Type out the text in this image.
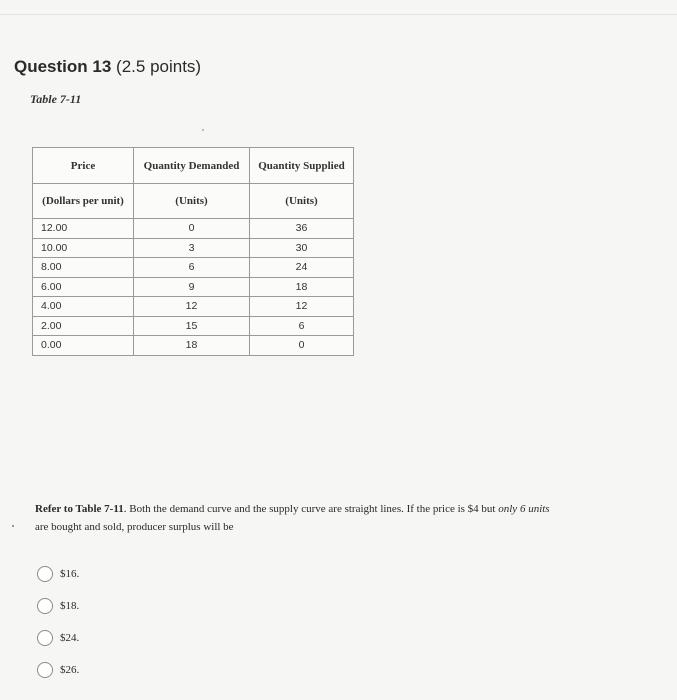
Question 13 (2.5 points)
Table 7-11
Price	Quantity Demanded	Quantity Supplied
(Dollars per unit)	(Units)	(Units)
12.00	0	36
10.00	3	30
8.00	6	24
6.00	9	18
4.00	12	12
2.00	15	6
0.00	18	0
Refer to Table 7-11. Both the demand curve and the supply curve are straight lines. If the price is $4 but only 6 units
are bought and sold, producer surplus will be
$16.
$18.
$24.
$26.
